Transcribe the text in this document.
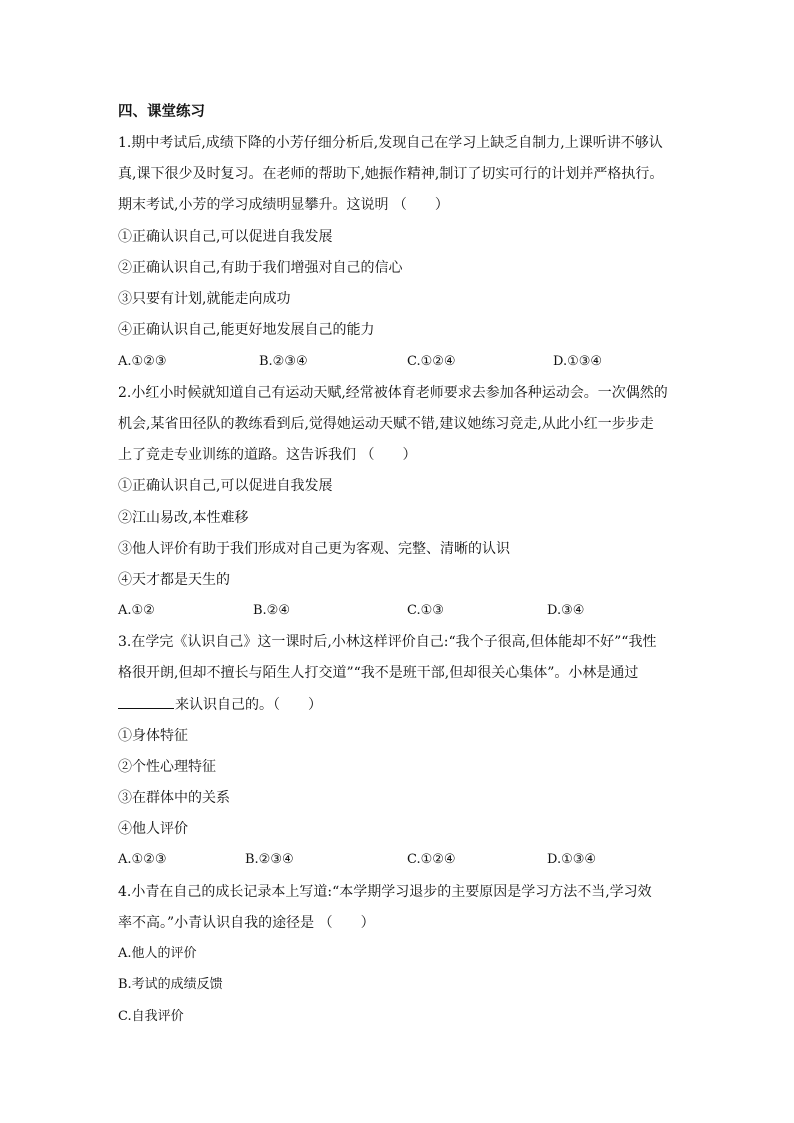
四、课堂练习
1.期中考试后,成绩下降的小芳仔细分析后,发现自己在学习上缺乏自制力,上课听讲不够认
真,课下很少及时复习。在老师的帮助下,她振作精神,制订了切实可行的计划并严格执行。
期末考试,小芳的学习成绩明显攀升。这说明 （　　）
①正确认识自己,可以促进自我发展
②正确认识自己,有助于我们增强对自己的信心
③只要有计划,就能走向成功
④正确认识自己,能更好地发展自己的能力
A.①②③	B.②③④	C.①②④	D.①③④
2.小红小时候就知道自己有运动天赋,经常被体育老师要求去参加各种运动会。一次偶然的
机会,某省田径队的教练看到后,觉得她运动天赋不错,建议她练习竞走,从此小红一步步走
上了竞走专业训练的道路。这告诉我们 （　　）
①正确认识自己,可以促进自我发展
②江山易改,本性难移
③他人评价有助于我们形成对自己更为客观、完整、清晰的认识
④天才都是天生的
A.①②	B.②④	C.①③	D.③④
3.在学完《认识自己》这一课时后,小林这样评价自己:“我个子很高,但体能却不好”“我性
格很开朗,但却不擅长与陌生人打交道”“我不是班干部,但却很关心集体”。小林是通过
来认识自己的。（　　）
①身体特征
②个性心理特征
③在群体中的关系
④他人评价
A.①②③	B.②③④	C.①②④	D.①③④
4.小青在自己的成长记录本上写道:“本学期学习退步的主要原因是学习方法不当,学习效
率不高。”小青认识自我的途径是 （　　）
A.他人的评价
B.考试的成绩反馈
C.自我评价
